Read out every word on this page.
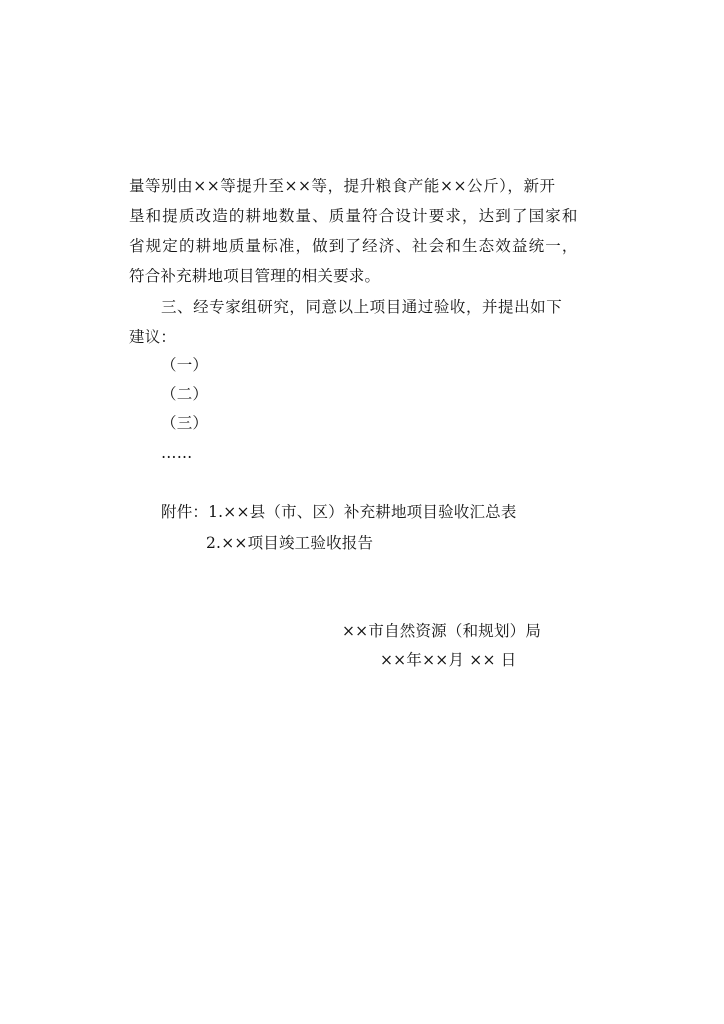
量等别由××等提升至××等，提升粮食产能××公斤），新开
垦和提质改造的耕地数量、质量符合设计要求，达到了国家和
省规定的耕地质量标准，做到了经济、社会和生态效益统一，
符合补充耕地项目管理的相关要求。
三、经专家组研究，同意以上项目通过验收，并提出如下
建议：
（一）
（二）
（三）
……
附件：1.××县（市、区）补充耕地项目验收汇总表
2.××项目竣工验收报告
××市自然资源（和规划）局
××年××月 ×× 日
